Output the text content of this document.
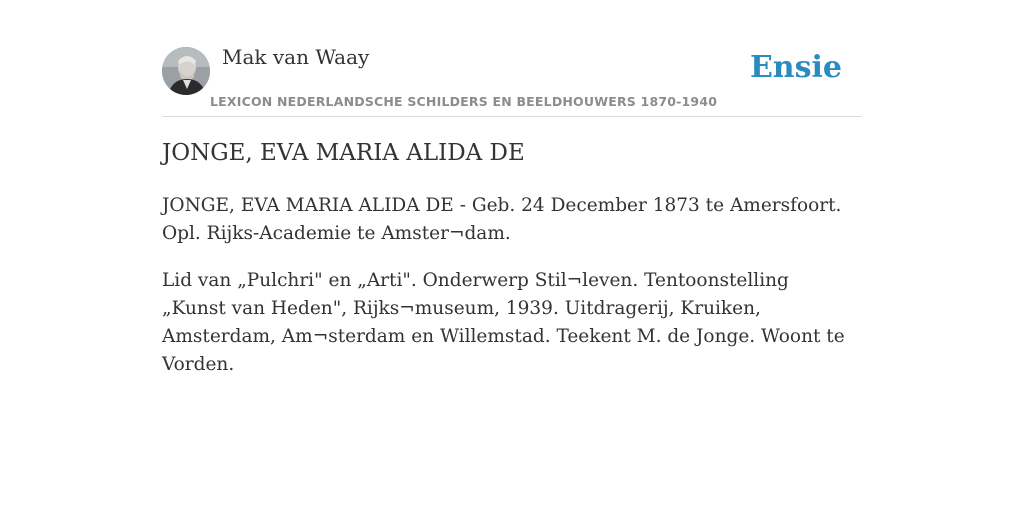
Mak van Waay
LEXICON NEDERLANDSCHE SCHILDERS EN BEELDHOUWERS 1870-1940
Ensie
JONGE, EVA MARIA ALIDA DE

JONGE, EVA MARIA ALIDA DE - Geb. 24 December 1873 te Amersfoort. Opl. Rijks-Academie te Amster¬dam.

Lid van „Pulchri" en „Arti". Onderwerp Stil¬leven. Tentoonstelling „Kunst van Heden", Rijks¬museum, 1939. Uitdragerij, Kruiken, Amsterdam, Am¬sterdam en Willemstad. Teekent M. de Jonge. Woont te Vorden.
